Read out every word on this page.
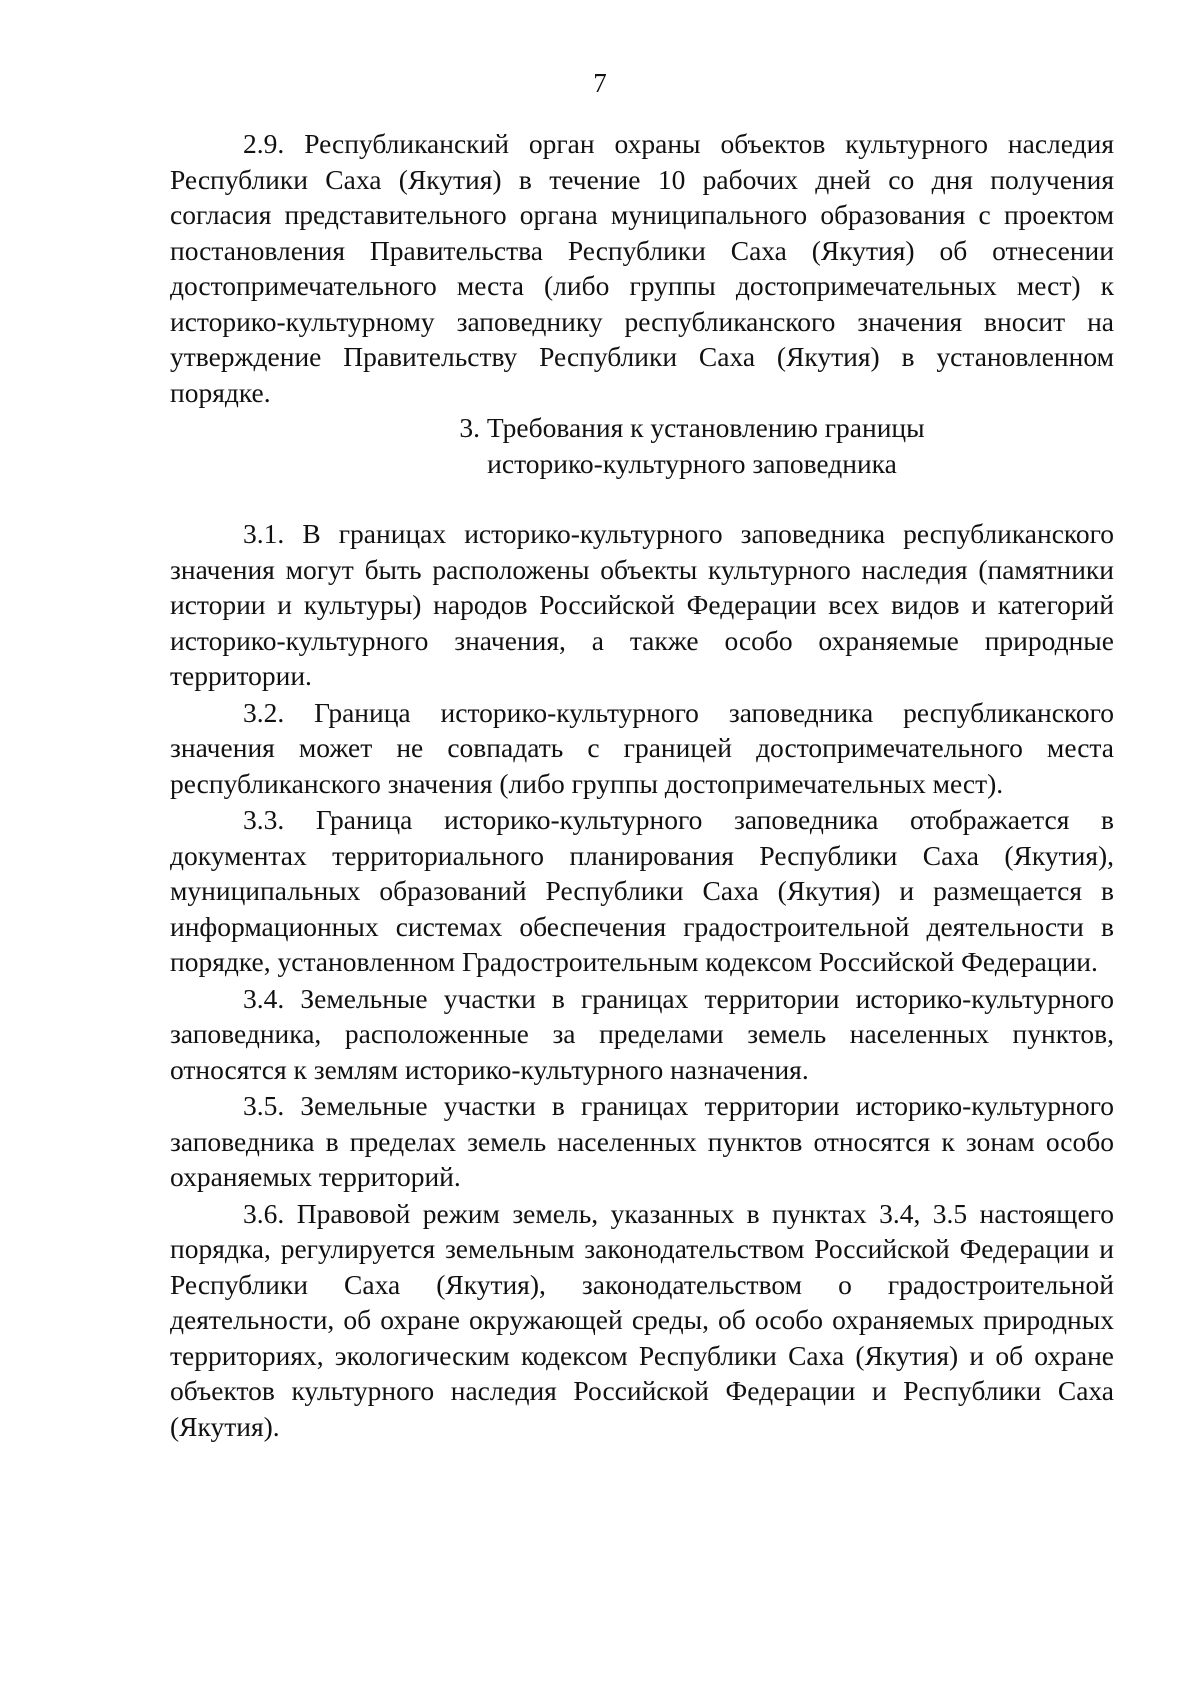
7

2.9. Республиканский орган охраны объектов культурного наследия Республики Саха (Якутия) в течение 10 рабочих дней со дня получения согласия представительного органа муниципального образования с проектом постановления Правительства Республики Саха (Якутия) об отнесении достопримечательного места (либо группы достопримечательных мест) к историко-культурному заповеднику республиканского значения вносит на утверждение Правительству Республики Саха (Якутия) в установленном порядке.

3. Требования к установлению границы
историко-культурного заповедника

3.1. В границах историко-культурного заповедника республиканского значения могут быть расположены объекты культурного наследия (памятники истории и культуры) народов Российской Федерации всех видов и категорий историко-культурного значения, а также особо охраняемые природные территории.

3.2. Граница историко-культурного заповедника республиканского значения может не совпадать с границей достопримечательного места республиканского значения (либо группы достопримечательных мест).

3.3. Граница историко-культурного заповедника отображается в документах территориального планирования Республики Саха (Якутия), муниципальных образований Республики Саха (Якутия) и размещается в информационных системах обеспечения градостроительной деятельности в порядке, установленном Градостроительным кодексом Российской Федерации.

3.4. Земельные участки в границах территории историко-культурного заповедника, расположенные за пределами земель населенных пунктов, относятся к землям историко-культурного назначения.

3.5. Земельные участки в границах территории историко-культурного заповедника в пределах земель населенных пунктов относятся к зонам особо охраняемых территорий.

3.6. Правовой режим земель, указанных в пунктах 3.4, 3.5 настоящего порядка, регулируется земельным законодательством Российской Федерации и Республики Саха (Якутия), законодательством о градостроительной деятельности, об охране окружающей среды, об особо охраняемых природных территориях, экологическим кодексом Республики Саха (Якутия) и об охране объектов культурного наследия Российской Федерации и Республики Саха (Якутия).
